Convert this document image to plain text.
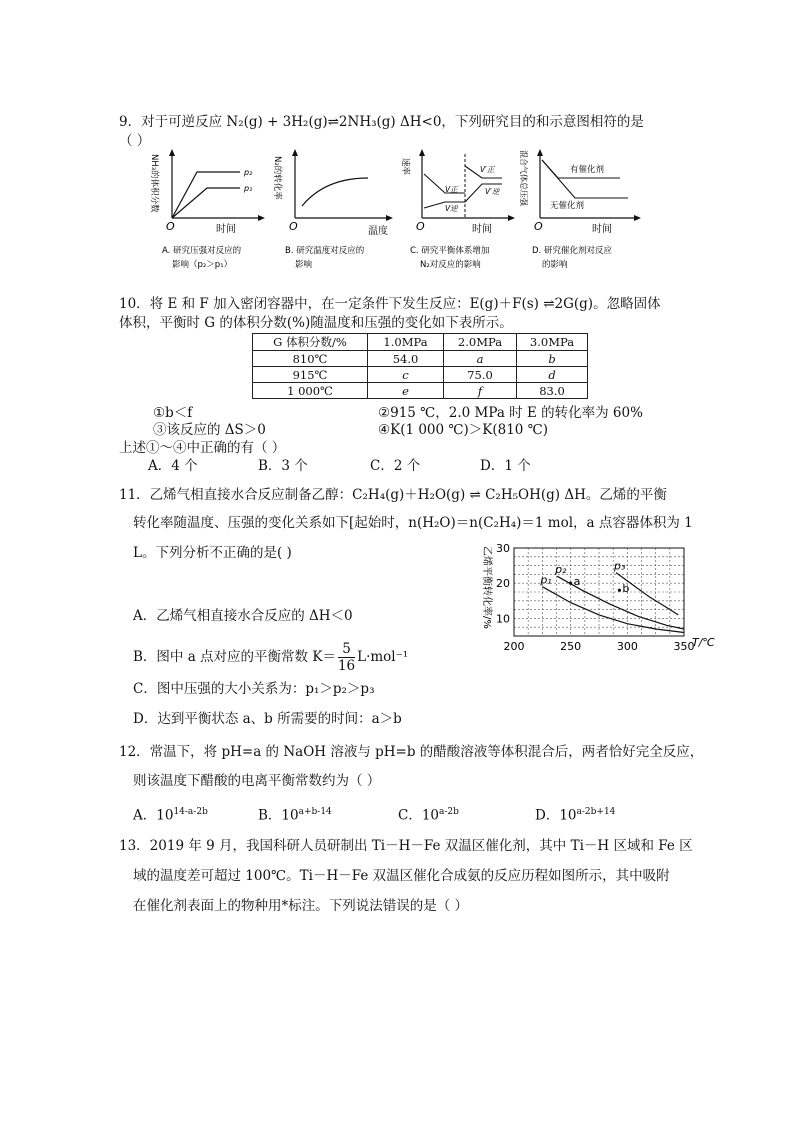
9．对于可逆反应 N₂(g) + 3H₂(g)⇌2NH₃(g) ΔH<0，下列研究目的和示意图相符的是
（ ）
O	时间
p₂
p₁
NH₃的体积分数
A. 研究压强对反应的
影响（p₂＞p₁）
O	温度
N₂的转化率
B. 研究温度对反应的
影响
O	时间
速率
V正
V逆
V′正
V′逆
C. 研究平衡体系增加
N₂对反应的影响
O	时间
混合气体总压强	有催化剂
无催化剂
D. 研究催化剂对反应
的影响
10．将 E 和 F 加入密闭容器中，在一定条件下发生反应：E(g)＋F(s) ⇌2G(g)。忽略固体
体积，平衡时 G 的体积分数(%)随温度和压强的变化如下表所示。
G 体积分数/%	1.0MPa	2.0MPa	3.0MPa
810℃	54.0	a	b
915℃	c	75.0	d
1 000℃	e	f	83.0
①b＜f	②915 ℃，2.0 MPa 时 E 的转化率为 60%
③该反应的 ΔS＞0	④K(1 000 ℃)＞K(810 ℃)
上述①～④中正确的有（ ）
A．4 个	B．3 个	C．2 个	D．1 个
11．乙烯气相直接水合反应制备乙醇：C₂H₄(g)＋H₂O(g) ⇌ C₂H₅OH(g) ΔH。乙烯的平衡
转化率随温度、压强的变化关系如下[起始时，n(H₂O)＝n(C₂H₄)＝1 mol，a 点容器体积为 1
L。下列分析不正确的是( )
p₁
p₂	p₃
a
b
200	250	300	350
10
20
30
乙烯平衡转化率/%
T/℃
A．乙烯气相直接水合反应的 ΔH＜0
B．图中 a 点对应的平衡常数 $K= \frac{5}{16} L\cdot mol^{-1}$
C．图中压强的大小关系为：p₁＞p₂＞p₃
D．达到平衡状态 a、b 所需要的时间：a＞b
12．常温下，将 pH=a 的 NaOH 溶液与 pH=b 的醋酸溶液等体积混合后，两者恰好完全反应，
则该温度下醋酸的电离平衡常数约为（ ）
A．$10^{14-a-2b}$	B．$10^{a+b-14}$	C．$10^{a-2b}$	D．$10^{a-2b+14}$
13．2019 年 9 月，我国科研人员研制出 Ti－H－Fe 双温区催化剂，其中 Ti－H 区域和 Fe 区
域的温度差可超过 100℃。Ti－H－Fe 双温区催化合成氨的反应历程如图所示，其中吸附
在催化剂表面上的物种用*标注。下列说法错误的是（ ）
